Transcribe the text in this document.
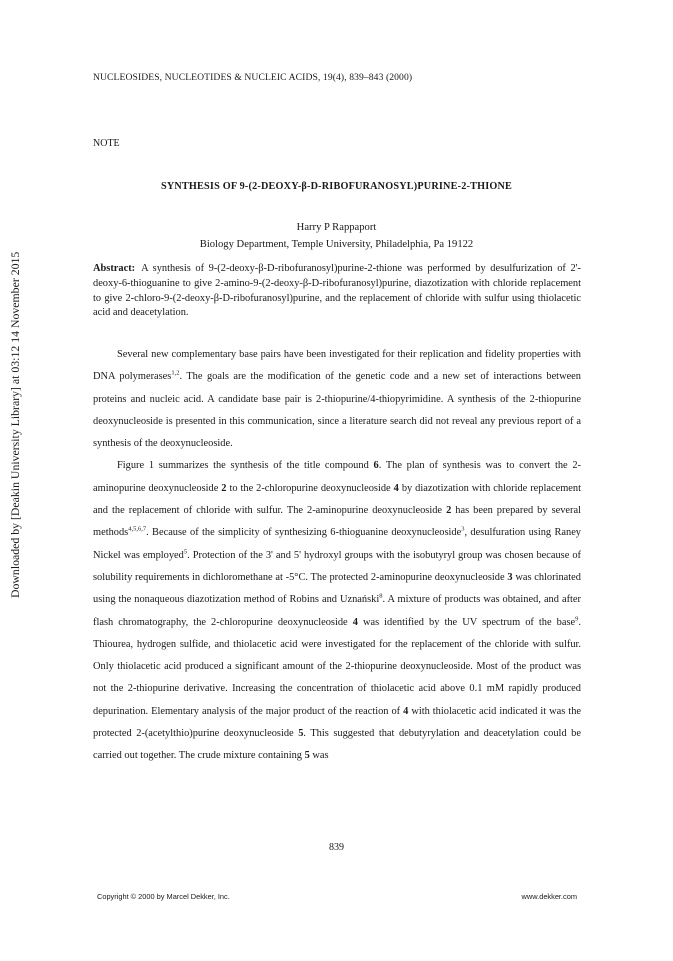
NUCLEOSIDES, NUCLEOTIDES & NUCLEIC ACIDS, 19(4), 839–843 (2000)
NOTE
SYNTHESIS OF 9-(2-DEOXY-β-D-RIBOFURANOSYL)PURINE-2-THIONE
Harry P Rappaport
Biology Department, Temple University, Philadelphia, Pa 19122
Abstract: A synthesis of 9-(2-deoxy-β-D-ribofuranosyl)purine-2-thione was performed by desulfurization of 2'-deoxy-6-thioguanine to give 2-amino-9-(2-deoxy-β-D-ribofuranosyl)purine, diazotization with chloride replacement to give 2-chloro-9-(2-deoxy-β-D-ribofuranosyl)purine, and the replacement of chloride with sulfur using thiolacetic acid and deacetylation.

Several new complementary base pairs have been investigated for their replication and fidelity properties with DNA polymerases$^{1,2}$. The goals are the modification of the genetic code and a new set of interactions between proteins and nucleic acid. A candidate base pair is 2-thiopurine/4-thiopyrimidine. A synthesis of the 2-thiopurine deoxynucleoside is presented in this communication, since a literature search did not reveal any previous report of a synthesis of the deoxynucleoside.

Figure 1 summarizes the synthesis of the title compound 6. The plan of synthesis was to convert the 2-aminopurine deoxynucleoside 2 to the 2-chloropurine deoxynucleoside 4 by diazotization with chloride replacement and the replacement of chloride with sulfur. The 2-aminopurine deoxynucleoside 2 has been prepared by several methods$^{4,5,6,7}$. Because of the simplicity of synthesizing 6-thioguanine deoxynucleoside$^3$, desulfuration using Raney Nickel was employed$^5$. Protection of the 3' and 5' hydroxyl groups with the isobutyryl group was chosen because of solubility requirements in dichloromethane at -5°C. The protected 2-aminopurine deoxynucleoside 3 was chlorinated using the nonaqueous diazotization method of Robins and Uznański$^8$. A mixture of products was obtained, and after flash chromatography, the 2-chloropurine deoxynucleoside 4 was identified by the UV spectrum of the base$^9$. Thiourea, hydrogen sulfide, and thiolacetic acid were investigated for the replacement of the chloride with sulfur. Only thiolacetic acid produced a significant amount of the 2-thiopurine deoxynucleoside. Most of the product was not the 2-thiopurine derivative. Increasing the concentration of thiolacetic acid above 0.1 mM rapidly produced depurination. Elementary analysis of the major product of the reaction of 4 with thiolacetic acid indicated it was the protected 2-(acetylthio)purine deoxynucleoside 5. This suggested that debutyrylation and deacetylation could be carried out together. The crude mixture containing 5 was

839
Copyright © 2000 by Marcel Dekker, Inc.	www.dekker.com
Downloaded by [Deakin University Library] at 03:12 14 November 2015
